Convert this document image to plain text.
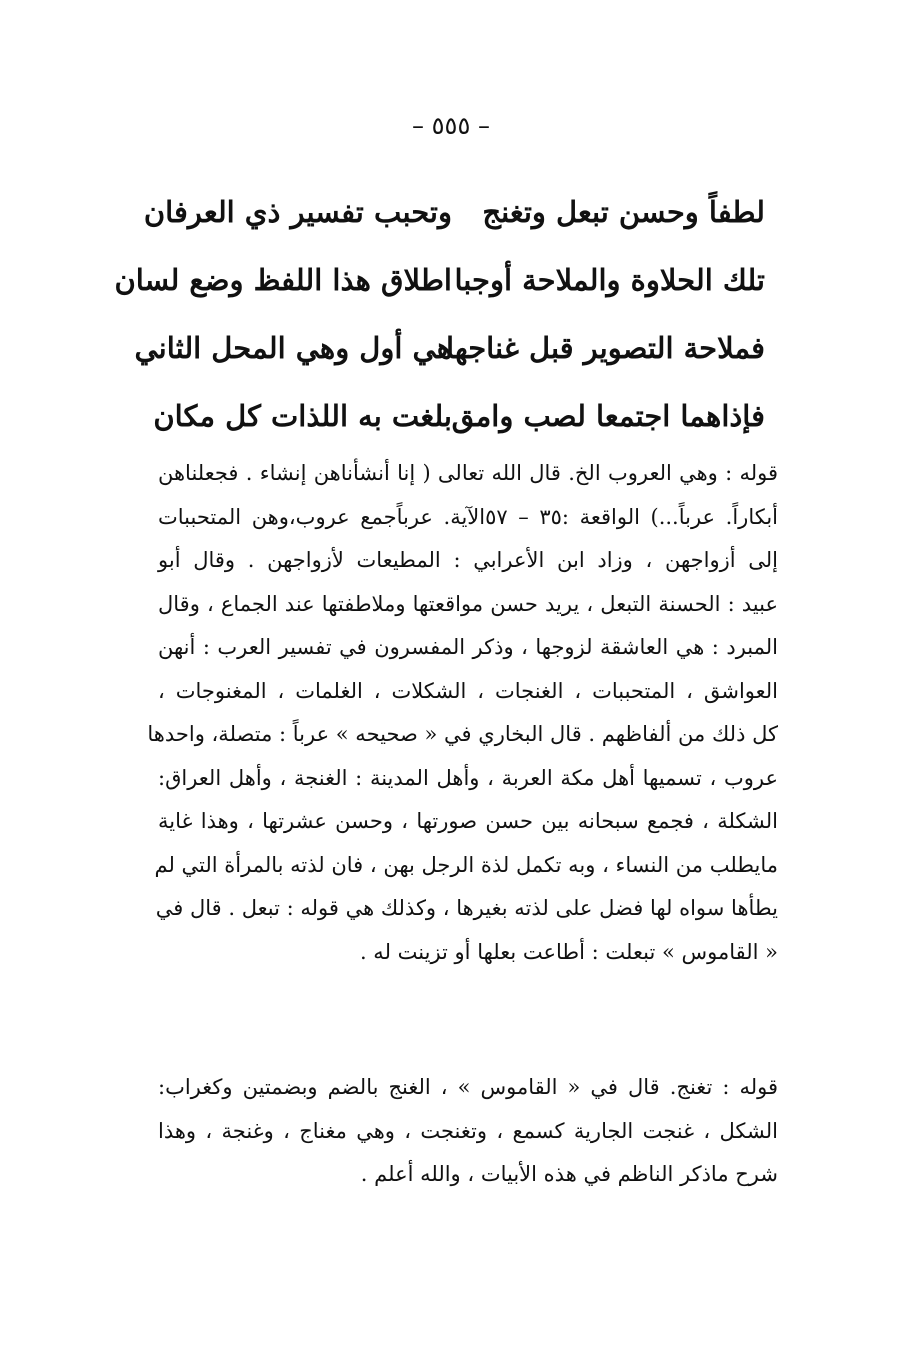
– ٥٥٥ –
لطفاً وحسن تبعل وتغنج
وتحبب تفسير ذي العرفان
تلك الحلاوة والملاحة أوجبا
اطلاق هذا اللفظ وضع لسان
فملاحة التصوير قبل غناجها
هي أول وهي المحل الثاني
فإذاهما اجتمعا لصب وامق
بلغت به اللذات كل مكان
قوله : وهي العروب الخ. قال الله تعالى ( إنا أنشأناهن إنشاء . فجعلناهن
أبكاراً. عرباً...) الواقعة :٣٥ – ٥٧الآية. عرباًجمع عروب،وهن المتحببات
إلى أزواجهن ، وزاد ابن الأعرابي : المطيعات لأزواجهن . وقال أبو
عبيد : الحسنة التبعل ، يريد حسن مواقعتها وملاطفتها عند الجماع ، وقال
المبرد : هي العاشقة لزوجها ، وذكر المفسرون في تفسير العرب : أنهن
العواشق ، المتحببات ، الغنجات ، الشكلات ، الغلمات ، المغنوجات ،
كل ذلك من ألفاظهم . قال البخاري في « صحيحه » عرباً : متصلة، واحدها
عروب ، تسميها أهل مكة العربة ، وأهل المدينة : الغنجة ، وأهل العراق:
الشكلة ، فجمع سبحانه بين حسن صورتها ، وحسن عشرتها ، وهذا غاية
مايطلب من النساء ، وبه تكمل لذة الرجل بهن ، فان لذته بالمرأة التي لم
يطأها سواه لها فضل على لذته بغيرها ، وكذلك هي قوله : تبعل . قال في
« القاموس » تبعلت : أطاعت بعلها أو تزينت له .
قوله : تغنج. قال في « القاموس » ، الغنج بالضم وبضمتين وكغراب:
الشكل ، غنجت الجارية كسمع ، وتغنجت ، وهي مغناج ، وغنجة ، وهذا
شرح ماذكر الناظم في هذه الأبيات ، والله أعلم .
